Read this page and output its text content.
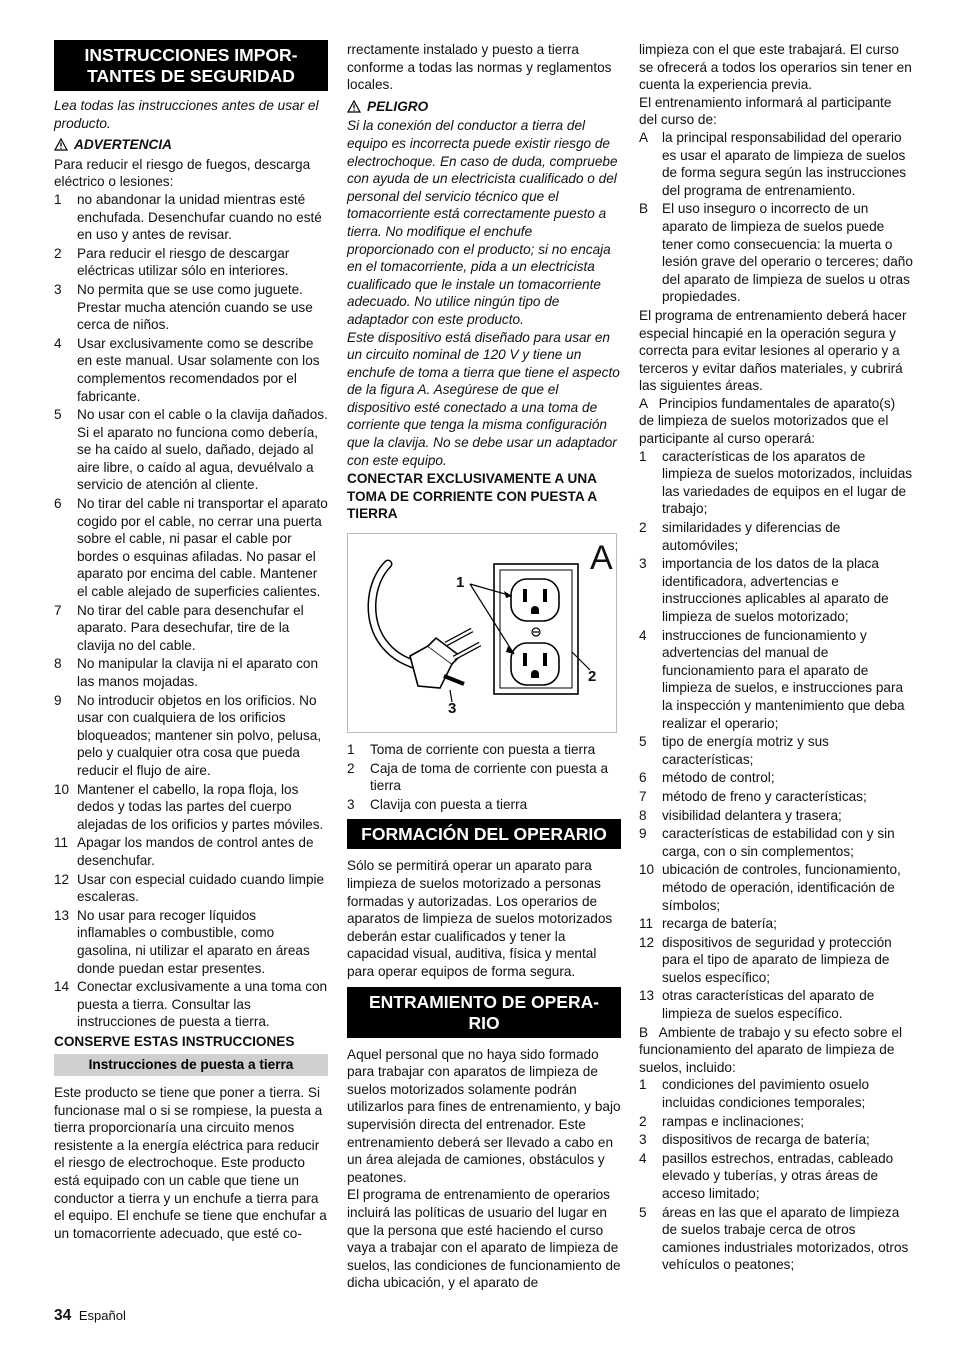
INSTRUCCIONES IMPOR-
TANTES DE SEGURIDAD

Lea todas las instrucciones antes de usar el producto.

ADVERTENCIA

Para reducir el riesgo de fuegos, descarga eléctrico o lesiones:

1	no abandonar la unidad mientras esté enchufada. Desenchufar cuando no esté en uso y antes de revisar.
2	Para reducir el riesgo de descargar eléctricas utilizar sólo en interiores.
3	No permita que se use como juguete. Prestar mucha atención cuando se use cerca de niños.
4	Usar exclusivamente como se describe en este manual. Usar solamente con los complementos recomendados por el fabricante.
5	No usar con el cable o la clavija dañados. Si el aparato no funciona como debería, se ha caído al suelo, dañado, dejado al aire libre, o caído al agua, devuélvalo a servicio de atención al cliente.
6	No tirar del cable ni transportar el aparato cogido por el cable, no cerrar una puerta sobre el cable, ni pasar el cable por bordes o esquinas afiladas. No pasar el aparato por encima del cable. Mantener el cable alejado de superficies calientes.
7	No tirar del cable para desenchufar el aparato. Para desechufar, tire de la clavija no del cable.
8	No manipular la clavija ni el aparato con las manos mojadas.
9	No introducir objetos en los orificios. No usar con cualquiera de los orificios bloqueados; mantener sin polvo, pelusa, pelo y cualquier otra cosa que pueda reducir el flujo de aire.
10 Mantener el cabello, la ropa floja, los dedos y todas las partes del cuerpo alejadas de los orificios y partes móviles.
11 Apagar los mandos de control antes de desenchufar.
12 Usar con especial cuidado cuando limpie escaleras.
13 No usar para recoger líquidos inflamables o combustible, como gasolina, ni utilizar el aparato en áreas donde puedan estar presentes.
14 Conectar exclusivamente a una toma con puesta a tierra. Consultar las instrucciones de puesta a tierra.

CONSERVE ESTAS INSTRUCCIONES

Instrucciones de puesta a tierra

Este producto se tiene que poner a tierra. Si funcionase mal o si se rompiese, la puesta a tierra proporcionaría una circuito menos resistente a la energía eléctrica para reducir el riesgo de electrochoque. Este producto está equipado con un cable que tiene un conductor a tierra y un enchufe a tierra para el equipo. El enchufe se tiene que enchufar a un tomacorriente adecuado, que esté co-

rrectamente instalado y puesto a tierra conforme a todas las normas y reglamentos locales.

PELIGRO

Si la conexión del conductor a tierra del equipo es incorrecta puede existir riesgo de electrochoque. En caso de duda, compruebe con ayuda de un electricista cualificado o del personal del servicio técnico que el tomacorriente está correctamente puesto a tierra. No modifique el enchufe proporcionado con el producto; si no encaja en el tomacorriente, pida a un electricista cualificado que le instale un tomacorriente adecuado. No utilice ningún tipo de adaptador con este producto.

Este dispositivo está diseñado para usar en un circuito nominal de 120 V y tiene un enchufe de toma a tierra que tiene el aspecto de la figura A. Asegúrese de que el dispositivo esté conectado a una toma de corriente que tenga la misma configuración que la clavija. No se debe usar un adaptador con este equipo.

CONECTAR EXCLUSIVAMENTE A UNA TOMA DE CORRIENTE CON PUESTA A TIERRA

A
1
2
3
1	Toma de corriente con puesta a tierra
2	Caja de toma de corriente con puesta a tierra
3	Clavija con puesta a tierra
FORMACIÓN DEL OPERARIO

Sólo se permitirá operar un aparato para limpieza de suelos motorizado a personas formadas y autorizadas. Los operarios de aparatos de limpieza de suelos motorizados deberán estar cualificados y tener la capacidad visual, auditiva, física y mental para operar equipos de forma segura.

ENTRAMIENTO DE OPERA-
RIO

Aquel personal que no haya sido formado para trabajar con aparatos de limpieza de suelos motorizados solamente podrán utilizarlos para fines de entrenamiento, y bajo supervisión directa del entrenador. Este entrenamiento deberá ser llevado a cabo en un área alejada de camiones, obstáculos y peatones.

El programa de entrenamiento de operarios incluirá las políticas de usuario del lugar en que la persona que esté haciendo el curso vaya a trabajar con el aparato de limpieza de suelos, las condiciones de funcionamiento de dicha ubicación, y el aparato de

limpieza con el que este trabajará. El curso se ofrecerá a todos los operarios sin tener en cuenta la experiencia previa.

El entrenamiento informará al participante del curso de:

A	la principal responsabilidad del operario es usar el aparato de limpieza de suelos de forma segura según las instrucciones del programa de entrenamiento.
B	El uso inseguro o incorrecto de un aparato de limpieza de suelos puede tener como consecuencia: la muerta o lesión grave del operario o terceres; daño del aparato de limpieza de suelos u otras propiedades.

El programa de entrenamiento deberá hacer especial hincapié en la operación segura y correcta para evitar lesiones al operario y a terceros y evitar daños materiales, y cubrirá las siguientes áreas.

A   Principios fundamentales de aparato(s) de limpieza de suelos motorizados que el participante al curso operará:

1	características de los aparatos de limpieza de suelos motorizados, incluidas las variedades de equipos en el lugar de trabajo;
2	similaridades y diferencias de automóviles;
3	importancia de los datos de la placa identificadora, advertencias e instrucciones aplicables al aparato de limpieza de suelos motorizado;
4	instrucciones de funcionamiento y advertencias del manual de funcionamiento para el aparato de limpieza de suelos, e instrucciones para la inspección y mantenimiento que deba realizar el operario;
5	tipo de energía motriz y sus características;
6	método de control;
7	método de freno y características;
8	visibilidad delantera y trasera;
9	características de estabilidad con y sin carga, con o sin complementos;
10 ubicación de controles, funcionamiento, método de operación, identificación de símbolos;
11 recarga de batería;
12 dispositivos de seguridad y protección para el tipo de aparato de limpieza de suelos específico;
13 otras características del aparato de limpieza de suelos específico.

B   Ambiente de trabajo y su efecto sobre el funcionamiento del aparato de limpieza de suelos, incluido:

1	condiciones del pavimiento osuelo incluidas condiciones temporales;
2	rampas e inclinaciones;
3	dispositivos de recarga de batería;
4	pasillos estrechos, entradas, cableado elevado y tuberías, y otras áreas de acceso limitado;
5	áreas en las que el aparato de limpieza de suelos trabaje cerca de otros camiones industriales motorizados, otros vehículos o peatones;
34 Español
